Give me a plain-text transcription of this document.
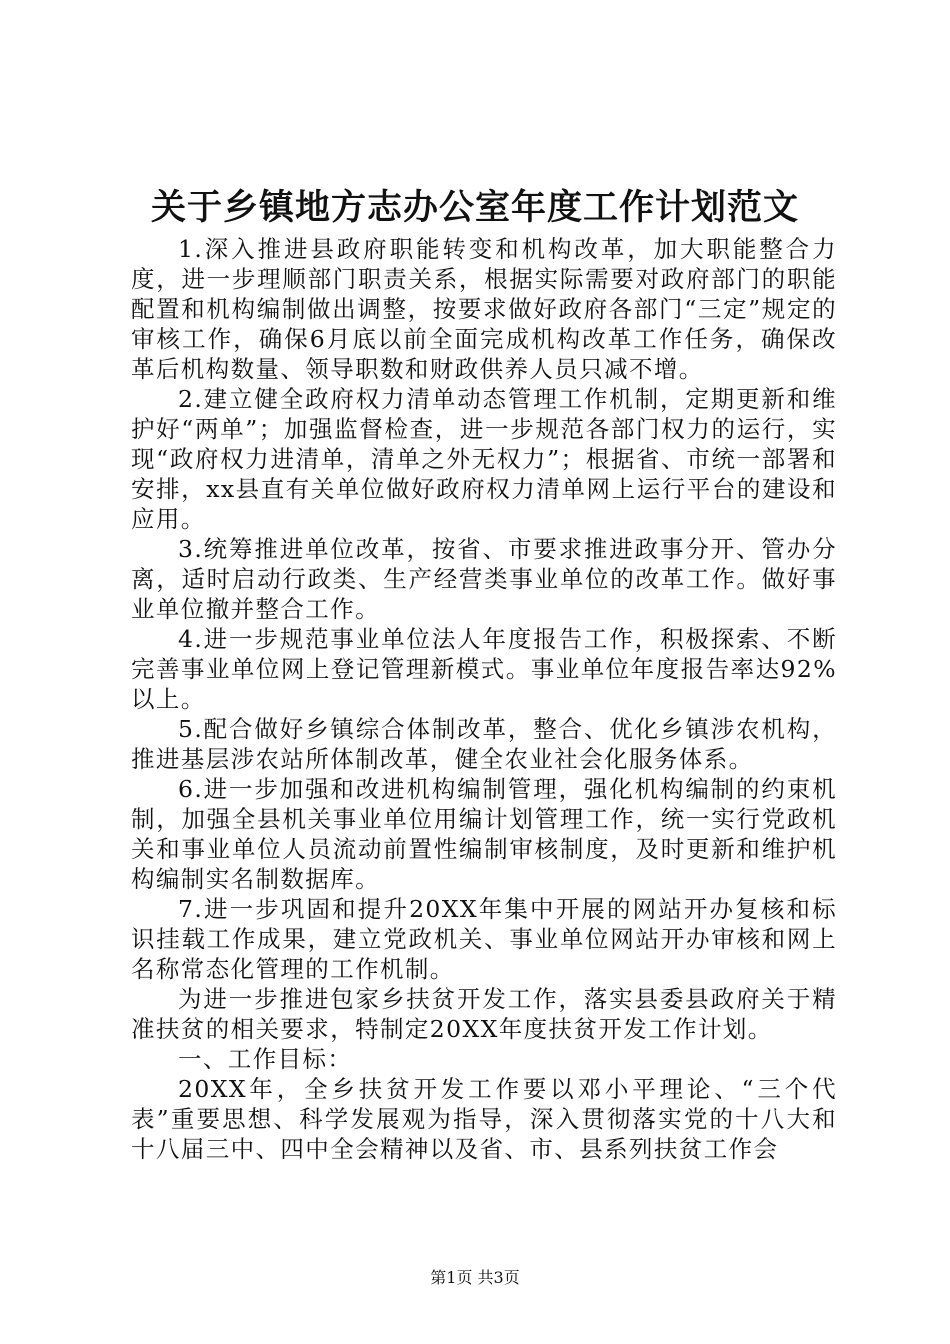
关于乡镇地方志办公室年度工作计划范文

1.深入推进县政府职能转变和机构改革，加大职能整合力度，进一步理顺部门职责关系，根据实际需要对政府部门的职能配置和机构编制做出调整，按要求做好政府各部门“三定”规定的审核工作，确保6月底以前全面完成机构改革工作任务，确保改革后机构数量、领导职数和财政供养人员只减不增。

2.建立健全政府权力清单动态管理工作机制，定期更新和维护好“两单”；加强监督检查，进一步规范各部门权力的运行，实现“政府权力进清单，清单之外无权力”；根据省、市统一部署和安排，xx县直有关单位做好政府权力清单网上运行平台的建设和应用。

3.统筹推进单位改革，按省、市要求推进政事分开、管办分离，适时启动行政类、生产经营类事业单位的改革工作。做好事业单位撤并整合工作。

4.进一步规范事业单位法人年度报告工作，积极探索、不断完善事业单位网上登记管理新模式。事业单位年度报告率达92%以上。

5.配合做好乡镇综合体制改革，整合、优化乡镇涉农机构，推进基层涉农站所体制改革，健全农业社会化服务体系。

6.进一步加强和改进机构编制管理，强化机构编制的约束机制，加强全县机关事业单位用编计划管理工作，统一实行党政机关和事业单位人员流动前置性编制审核制度，及时更新和维护机构编制实名制数据库。

7.进一步巩固和提升20XX年集中开展的网站开办复核和标识挂载工作成果，建立党政机关、事业单位网站开办审核和网上名称常态化管理的工作机制。

为进一步推进包家乡扶贫开发工作，落实县委县政府关于精准扶贫的相关要求，特制定20XX年度扶贫开发工作计划。

一、工作目标：

20XX年，全乡扶贫开发工作要以邓小平理论、“三个代表”重要思想、科学发展观为指导，深入贯彻落实党的十八大和十八届三中、四中全会精神以及省、市、县系列扶贫工作会

第1页 共3页
